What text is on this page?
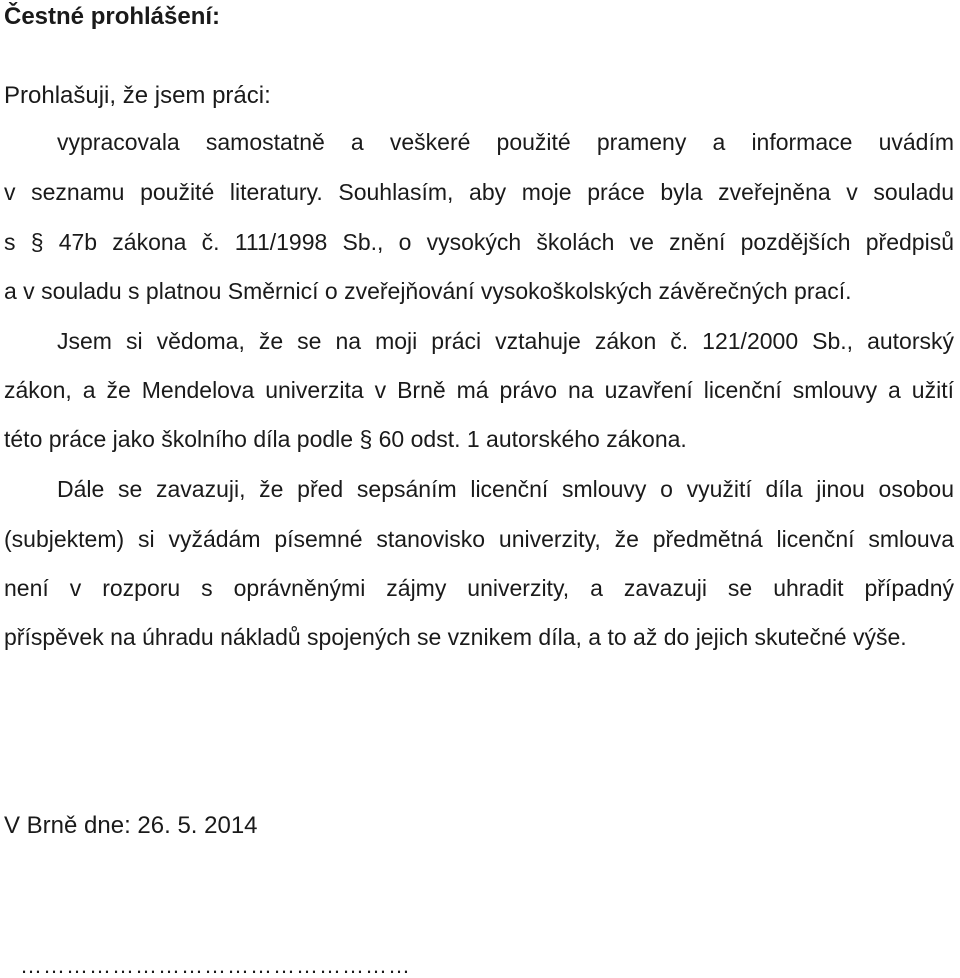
Čestné prohlášení:
Prohlašuji, že jsem práci:
vypracovala samostatně a veškeré použité prameny a informace uvádím
v seznamu použité literatury. Souhlasím, aby moje práce byla zveřejněna v souladu
s § 47b zákona č. 111/1998 Sb., o vysokých školách ve znění pozdějších předpisů
a v souladu s platnou Směrnicí o zveřejňování vysokoškolských závěrečných prací.
Jsem si vědoma, že se na moji práci vztahuje zákon č. 121/2000 Sb., autorský
zákon, a že Mendelova univerzita v Brně má právo na uzavření licenční smlouvy a užití
této práce jako školního díla podle § 60 odst. 1 autorského zákona.
Dále se zavazuji, že před sepsáním licenční smlouvy o využití díla jinou osobou
(subjektem) si vyžádám písemné stanovisko univerzity, že předmětná licenční smlouva
není v rozporu s oprávněnými zájmy univerzity, a zavazuji se uhradit případný
příspěvek na úhradu nákladů spojených se vznikem díla, a to až do jejich skutečné výše.
V Brně dne: 26. 5. 2014
……………………………………………
